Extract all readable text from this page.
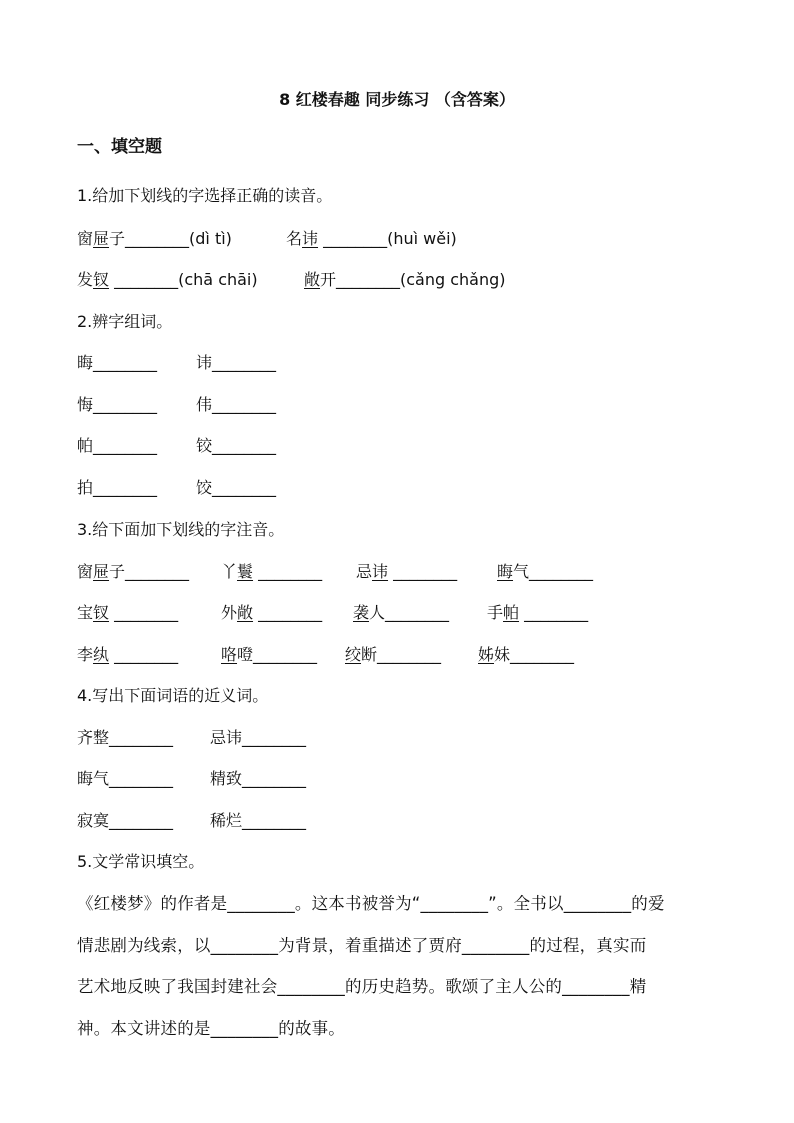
8 红楼春趣 同步练习 （含答案）
一、填空题
1.给加下划线的字选择正确的读音。
窗屉子________(dì tì)	名讳 ________(huì wěi)
发钗 ________(chā chāi)	敞开________(cǎng chǎng)
2.辨字组词。
晦________ 讳________
悔________ 伟________
帕________ 铰________
拍________ 饺________
3.给下面加下划线的字注音。
窗屉子________ 丫鬟 ________ 忌讳 ________ 晦气________
宝钗 ________	外敞 ________ 袭人________ 手帕 ________
李纨 ________	咯噔________ 绞断________ 姊妹________
4.写出下面词语的近义词。
齐整________ 忌讳________
晦气________ 精致________
寂寞________ 稀烂________
5.文学常识填空。
《红楼梦》的作者是________。这本书被誉为“________”。全书以________的爱
情悲剧为线索，以________为背景，着重描述了贾府________的过程，真实而
艺术地反映了我国封建社会________的历史趋势。歌颂了主人公的________精
神。本文讲述的是________的故事。
